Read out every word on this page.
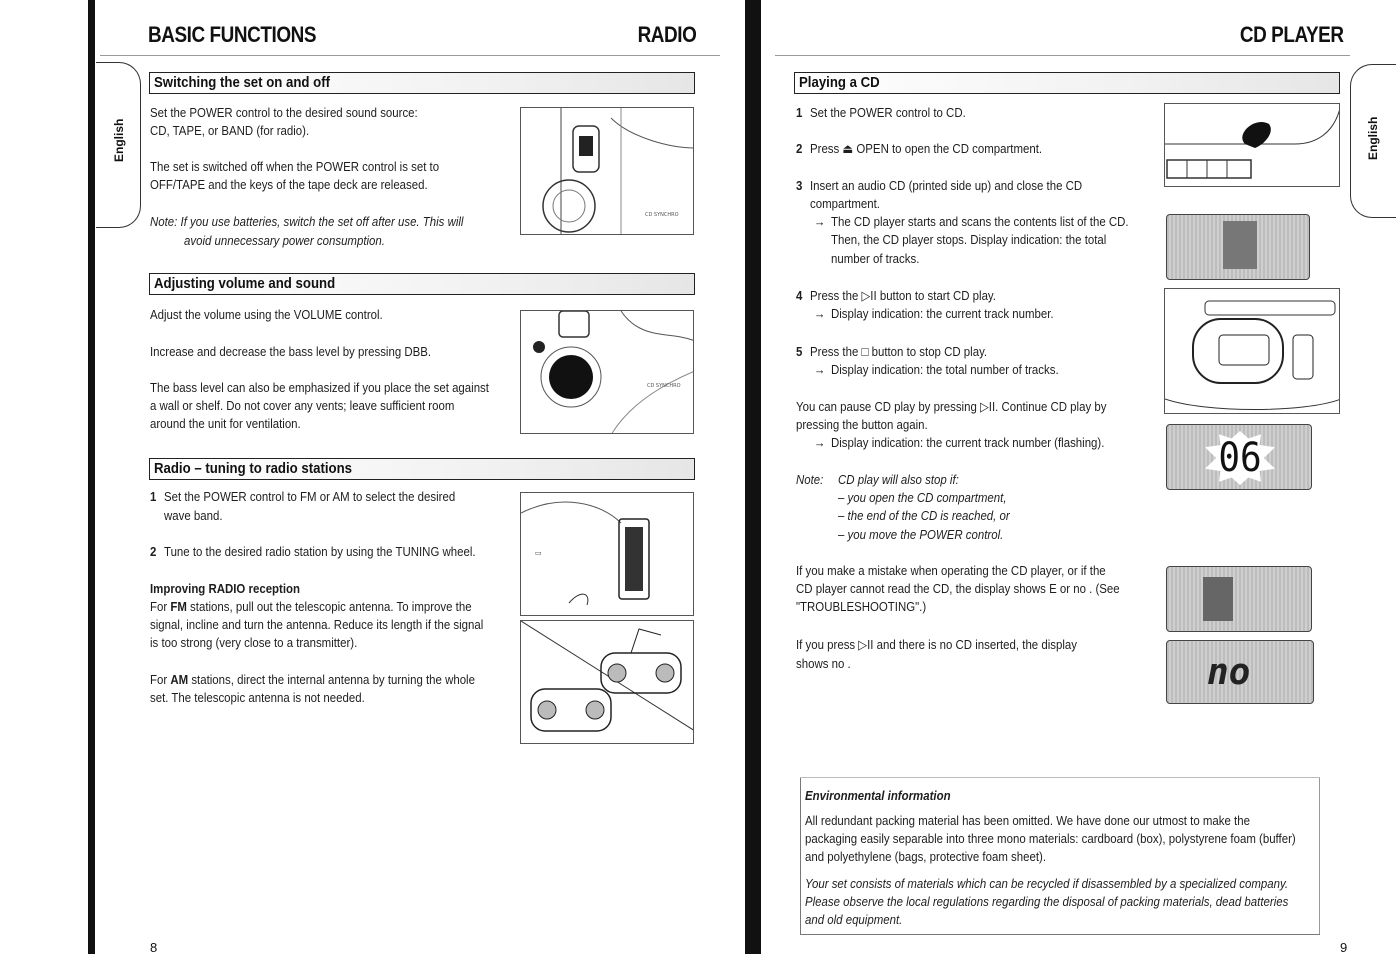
BASIC FUNCTIONS	RADIO
English
Switching the set on and off
Set the POWER control to the desired sound source:
CD, TAPE, or BAND (for radio).
The set is switched off when the POWER control is set to
OFF/TAPE and the keys of the tape deck are released.
Note: If you use batteries, switch the set off after use. This will
avoid unnecessary power consumption.
CD SYNCHRO
Adjusting volume and sound
Adjust the volume using the VOLUME control.
Increase and decrease the bass level by pressing DBB.
The bass level can also be emphasized if you place the set against
a wall or shelf. Do not cover any vents; leave sufficient room
around the unit for ventilation.
CD SYNCHRO
Radio – tuning to radio stations
1 Set the POWER control to FM or AM to select the desired
wave band.
2 Tune to the desired radio station by using the TUNING wheel.
Improving RADIO reception
For FM stations, pull out the telescopic antenna. To improve the
signal, incline and turn the antenna. Reduce its length if the signal
is too strong (very close to a transmitter).
For AM stations, direct the internal antenna by turning the whole
set. The telescopic antenna is not needed.
▭
8
CD PLAYER
English
Playing a CD
1 Set the POWER control to CD.
2 Press ⏏ OPEN to open the CD compartment.
3 Insert an audio CD (printed side up) and close the CD
compartment.
→ The CD player starts and scans the contents list of the CD.
Then, the CD player stops. Display indication: the total
number of tracks.
4 Press the ▷II button to start CD play.
→ Display indication: the current track number.
5 Press the □ button to stop CD play.
→ Display indication: the total number of tracks.
You can pause CD play by pressing ▷II. Continue CD play by
pressing the button again.
→ Display indication: the current track number (flashing).
Note: CD play will also stop if:
– you open the CD compartment,
– the end of the CD is reached, or
– you move the POWER control.
If you make a mistake when operating the CD player, or if the
CD player cannot read the CD, the display shows E or no . (See
"TROUBLESHOOTING".)
If you press ▷II and there is no CD inserted, the display
shows no .
06
no
Environmental information
All redundant packing material has been omitted. We have done our utmost to make the
packaging easily separable into three mono materials: cardboard (box), polystyrene foam (buffer)
and polyethylene (bags, protective foam sheet).
Your set consists of materials which can be recycled if disassembled by a specialized company.
Please observe the local regulations regarding the disposal of packing materials, dead batteries
and old equipment.
9
